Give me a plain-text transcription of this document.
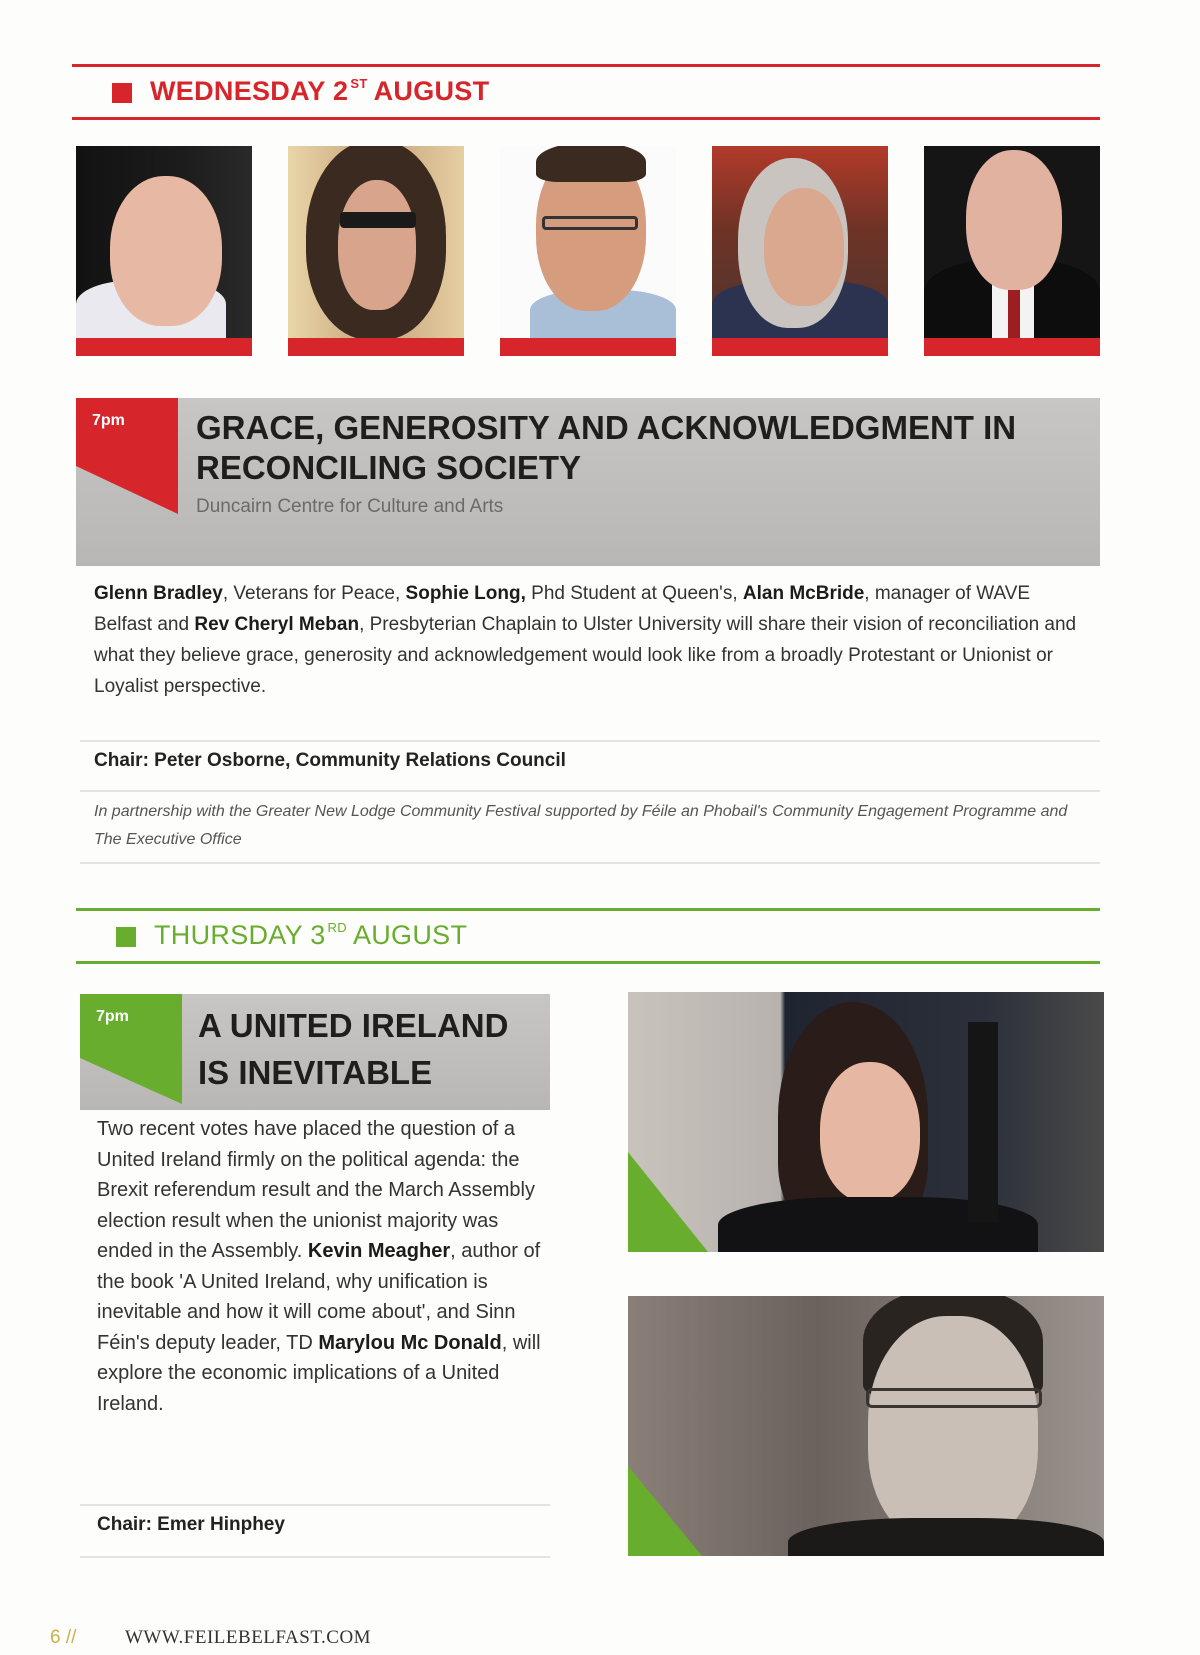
WEDNESDAY 2 $^{ST}$ AUGUST
7pm GRACE, GENEROSITY AND ACKNOWLEDGMENT IN
RECONCILING SOCIETY
Duncairn Centre for Culture and Arts
Glenn Bradley, Veterans for Peace, Sophie Long, Phd Student at Queen's, Alan McBride, manager of WAVE Belfast and Rev Cheryl Meban, Presbyterian Chaplain to Ulster University will share their vision of reconciliation and what they believe grace, generosity and acknowledgement would look like from a broadly Protestant or Unionist or Loyalist perspective.
Chair: Peter Osborne, Community Relations Council
In partnership with the Greater New Lodge Community Festival supported by Féile an Phobail's Community Engagement Programme and The Executive Office
THURSDAY 3 $^{RD}$ AUGUST
7pm A UNITED IRELAND
IS INEVITABLE
Two recent votes have placed the question of a United Ireland firmly on the political agenda: the Brexit referendum result and the March Assembly election result when the unionist majority was ended in the Assembly. Kevin Meagher, author of the book 'A United Ireland, why unification is inevitable and how it will come about', and Sinn Féin's deputy leader, TD Marylou Mc Donald, will explore the economic implications of a United Ireland.
Chair: Emer Hinphey
6 //	WWW.FEILEBELFAST.COM
